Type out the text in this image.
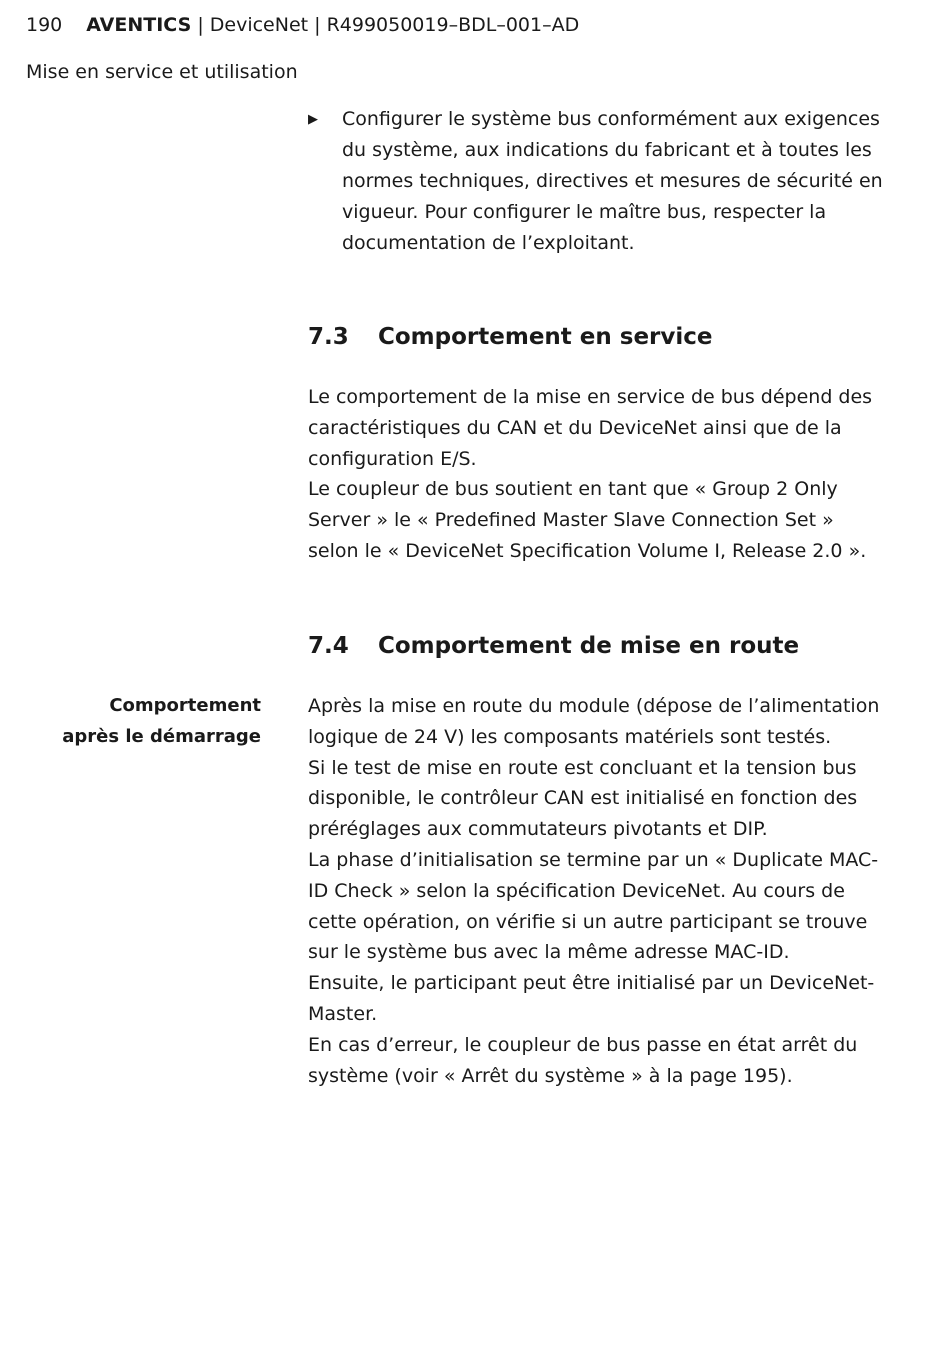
190 AVENTICS | DeviceNet | R499050019–BDL–001–AD
Mise en service et utilisation
▶ Configurer le système bus conformément aux exigences du système, aux indications du fabricant et à toutes les normes techniques, directives et mesures de sécurité en vigueur. Pour configurer le maître bus, respecter la documentation de l’exploitant.
7.3 Comportement en service

Le comportement de la mise en service de bus dépend des caractéristiques du CAN et du DeviceNet ainsi que de la configuration E/S.

Le coupleur de bus soutient en tant que « Group 2 Only Server » le « Predefined Master Slave Connection Set » selon le « DeviceNet Specification Volume I, Release 2.0 ».

7.4 Comportement de mise en route
Comportement
après le démarrage

Après la mise en route du module (dépose de l’alimentation logique de 24 V) les composants matériels sont testés.

Si le test de mise en route est concluant et la tension bus disponible, le contrôleur CAN est initialisé en fonction des préréglages aux commutateurs pivotants et DIP.

La phase d’initialisation se termine par un « Duplicate MAC-ID Check » selon la spécification DeviceNet. Au cours de cette opération, on vérifie si un autre participant se trouve sur le système bus avec la même adresse MAC-ID.

Ensuite, le participant peut être initialisé par un DeviceNet-Master.

En cas d’erreur, le coupleur de bus passe en état arrêt du système (voir « Arrêt du système » à la page 195).
